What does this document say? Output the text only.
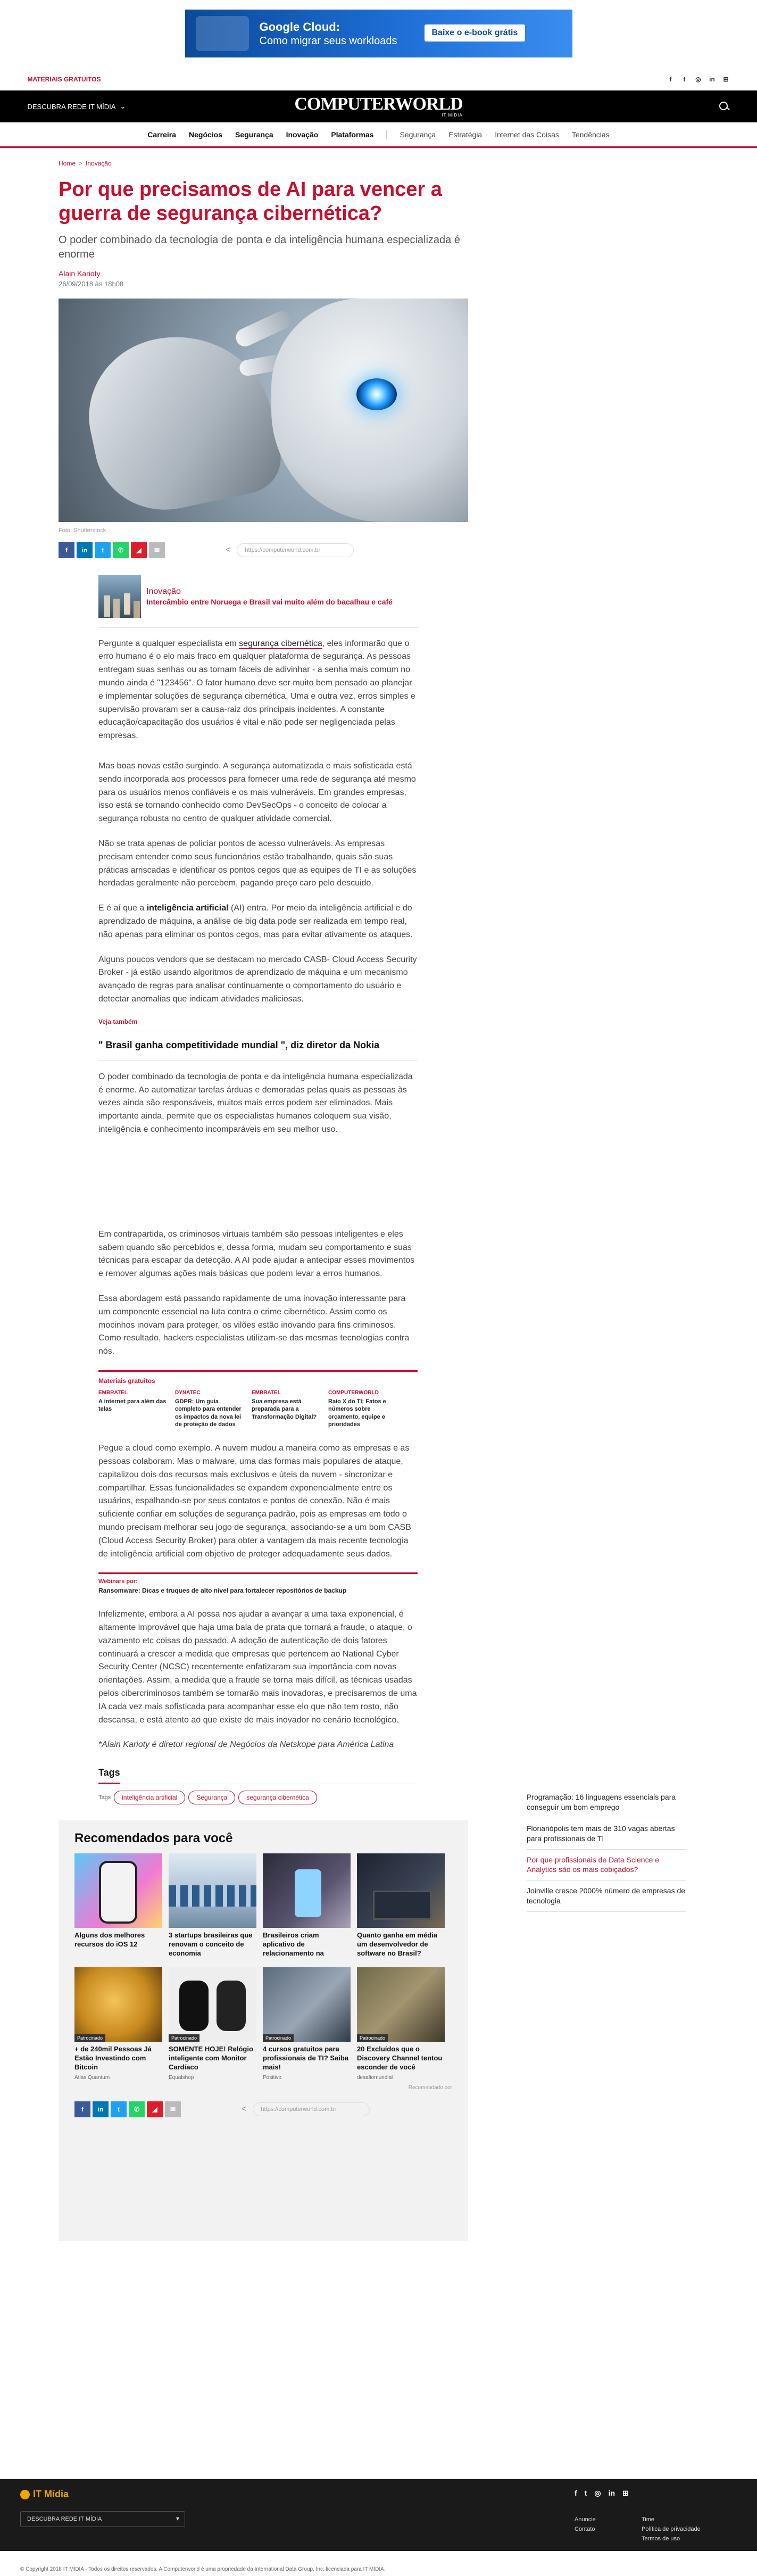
Google Cloud:
Como migrar seus workloads
Baixe o e-book grátis
MATERIAIS GRATUITOS	f	t	◎ in ⊞
DESCUBRA REDE IT MÍDIA ⌄	COMPUTERWORLD
IT MÍDIA
Carreira Negócios Segurança Inovação Plataformas	Segurança Estratégia Internet das Coisas Tendências
Home > Inovação
Por que precisamos de AI para vencer a guerra de segurança cibernética?

O poder combinado da tecnologia de ponta e da inteligência humana especializada é enorme

Alain Karioty

26/09/2018 às 18h08

Foto: Shutterstock

f	in	t	✆	◢	✉	<	https://computerworld.com.br
Inovação
Intercâmbio entre Noruega e Brasil vai muito além do bacalhau e café

Pergunte a qualquer especialista em segurança cibernética, eles informarão que o erro humano é o elo mais fraco em qualquer plataforma de segurança. As pessoas entregam suas senhas ou as tornam fáceis de adivinhar - a senha mais comum no mundo ainda é "123456". O fator humano deve ser muito bem pensado ao planejar e implementar soluções de segurança cibernética. Uma e outra vez, erros simples e supervisão provaram ser a causa-raiz dos principais incidentes. A constante educação/capacitação dos usuários é vital e não pode ser negligenciada pelas empresas.

Mas boas novas estão surgindo. A segurança automatizada e mais sofisticada está sendo incorporada aos processos para fornecer uma rede de segurança até mesmo para os usuários menos confiáveis e os mais vulneráveis. Em grandes empresas, isso está se tornando conhecido como DevSecOps - o conceito de colocar a segurança robusta no centro de qualquer atividade comercial.

Não se trata apenas de policiar pontos de acesso vulneráveis. As empresas precisam entender como seus funcionários estão trabalhando, quais são suas práticas arriscadas e identificar os pontos cegos que as equipes de TI e as soluções herdadas geralmente não percebem, pagando preço caro pelo descuido.

E é aí que a inteligência artificial (AI) entra. Por meio da inteligência artificial e do aprendizado de máquina, a análise de big data pode ser realizada em tempo real, não apenas para eliminar os pontos cegos, mas para evitar ativamente os ataques.

Alguns poucos vendors que se destacam no mercado CASB- Cloud Access Security Broker - já estão usando algoritmos de aprendizado de máquina e um mecanismo avançado de regras para analisar continuamente o comportamento do usuário e detectar anomalias que indicam atividades maliciosas.

Veja também
" Brasil ganha competitividade mundial ", diz diretor da Nokia

O poder combinado da tecnologia de ponta e da inteligência humana especializada é enorme. Ao automatizar tarefas árduas e demoradas pelas quais as pessoas às vezes ainda são responsáveis, muitos mais erros podem ser eliminados. Mais importante ainda, permite que os especialistas humanos coloquem sua visão, inteligência e conhecimento incomparáveis em seu melhor uso.

Em contrapartida, os criminosos virtuais também são pessoas inteligentes e eles sabem quando são percebidos e, dessa forma, mudam seu comportamento e suas técnicas para escapar da detecção. A AI pode ajudar a antecipar esses movimentos e remover algumas ações mais básicas que podem levar a erros humanos.

Essa abordagem está passando rapidamente de uma inovação interessante para um componente essencial na luta contra o crime cibernético. Assim como os mocinhos inovam para proteger, os vilões estão inovando para fins criminosos. Como resultado, hackers especialistas utilizam-se das mesmas tecnologias contra nós.

Materiais gratuitos
EMBRATEL
A internet para além das telas
DYNATEC
GDPR: Um guia completo para entender os impactos da nova lei de proteção de dados
EMBRATEL
Sua empresa está preparada para a Transformação Digital?
COMPUTERWORLD
Raio X do TI: Fatos e números sobre orçamento, equipe e prioridades

Pegue a cloud como exemplo. A nuvem mudou a maneira como as empresas e as pessoas colaboram. Mas o malware, uma das formas mais populares de ataque, capitalizou dois dos recursos mais exclusivos e úteis da nuvem - sincronizar e compartilhar. Essas funcionalidades se expandem exponencialmente entre os usuários, espalhando-se por seus contatos e pontos de conexão. Não é mais suficiente confiar em soluções de segurança padrão, pois as empresas em todo o mundo precisam melhorar seu jogo de segurança, associando-se a um bom CASB (Cloud Access Security Broker) para obter a vantagem da mais recente tecnologia de inteligência artificial com objetivo de proteger adequadamente seus dados.

Webinars por:
Ransomware: Dicas e truques de alto nível para fortalecer repositórios de backup

Infelizmente, embora a AI possa nos ajudar a avançar a uma taxa exponencial, é altamente improvável que haja uma bala de prata que tornará a fraude, o ataque, o vazamento etc coisas do passado. A adoção de autenticação de dois fatores continuará a crescer a medida que empresas que pertencem ao National Cyber Security Center (NCSC) recentemente enfatizaram sua importância com novas orientações. Assim, a medida que a fraude se torna mais difícil, as técnicas usadas pelos cibercriminosos também se tornarão mais inovadoras, e precisaremos de uma IA cada vez mais sofisticada para acompanhar esse elo que não tem rosto, não descansa, e está atento ao que existe de mais inovador no cenário tecnológico.

*Alain Karioty é diretor regional de Negócios da Netskope para América Latina

Tags
Tags	inteligência artificial	Segurança	segurança cibernética	Programação: 16 linguagens essenciais para conseguir um bom emprego
Florianópolis tem mais de 310 vagas abertas para profissionais de TI
Por que profissionais de Data Science e Analytics são os mais cobiçados?
Joinville cresce 2000% número de empresas de tecnologia
Recomendados para você
Alguns dos melhores recursos do iOS 12
3 startups brasileiras que renovam o conceito de economia
Brasileiros criam aplicativo de relacionamento na
Quanto ganha em média um desenvolvedor de software no Brasil?
Patrocinado
+ de 240mil Pessoas Já Estão Investindo com Bitcoin
Atlas Quantum
Patrocinado
SOMENTE HOJE! Relógio inteligente com Monitor Cardíaco
Equalshop
Patrocinado
4 cursos gratuitos para profissionais de TI? Saiba mais!
Positivo
Patrocinado
20 Excluídos que o Discovery Channel tentou esconder de você
desafiomundial
Recomendado por
f	in	t	✆	◢	✉	<	https://computerworld.com.br
IT Mídia
DESCUBRA REDE IT MÍDIA ▾
f t ◎ in ⊞
Anuncie	Time
Contato	Política de privacidade
Termos de uso
© Copyright 2018 IT MÍDIA - Todos os direitos reservados. A Computerworld é uma propriedade da International Data Group, Inc. licenciada para IT MÍDIA.
